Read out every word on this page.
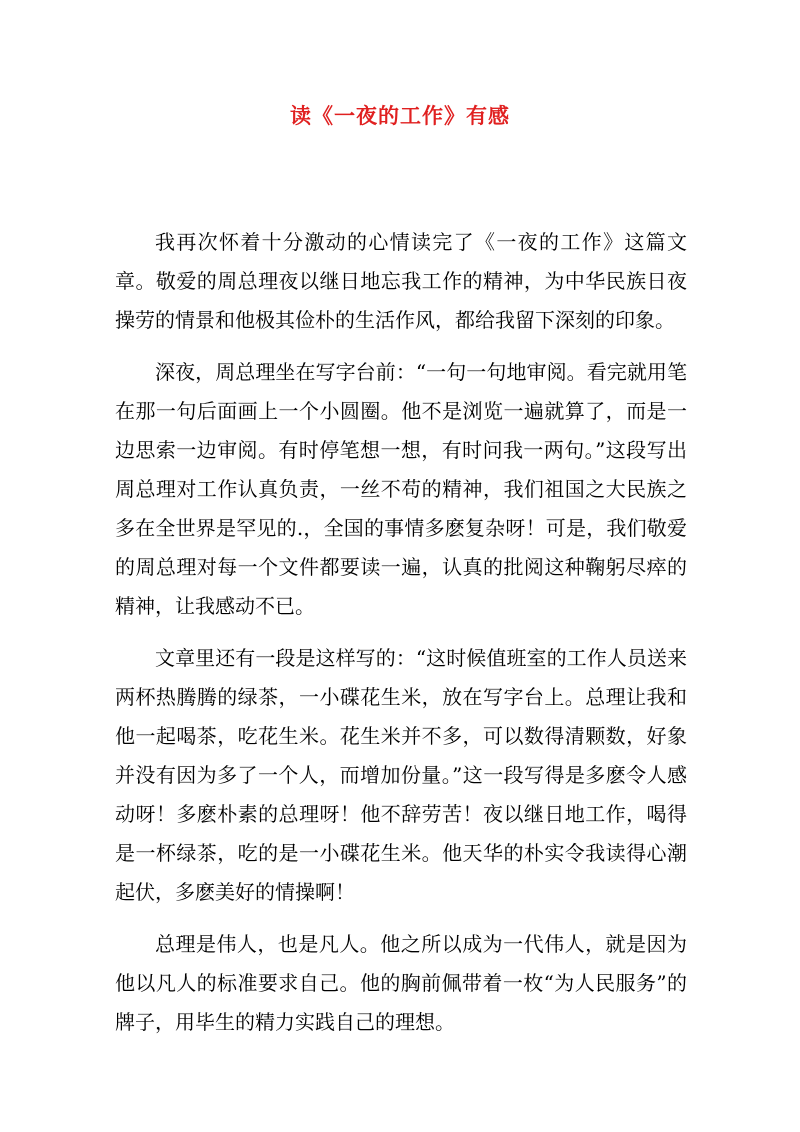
读《一夜的工作》有感

我再次怀着十分激动的心情读完了《一夜的工作》这篇文章。敬爱的周总理夜以继日地忘我工作的精神，为中华民族日夜操劳的情景和他极其俭朴的生活作风，都给我留下深刻的印象。

深夜，周总理坐在写字台前：“一句一句地审阅。看完就用笔在那一句后面画上一个小圆圈。他不是浏览一遍就算了，而是一边思索一边审阅。有时停笔想一想，有时问我一两句。”这段写出周总理对工作认真负责，一丝不苟的精神，我们祖国之大民族之多在全世界是罕见的.，全国的事情多麽复杂呀！可是，我们敬爱的周总理对每一个文件都要读一遍，认真的批阅这种鞠躬尽瘁的精神，让我感动不已。

文章里还有一段是这样写的：“这时候值班室的工作人员送来两杯热腾腾的绿茶，一小碟花生米，放在写字台上。总理让我和他一起喝茶，吃花生米。花生米并不多，可以数得清颗数，好象并没有因为多了一个人，而增加份量。”这一段写得是多麽令人感动呀！多麽朴素的总理呀！他不辞劳苦！夜以继日地工作，喝得是一杯绿茶，吃的是一小碟花生米。他天华的朴实令我读得心潮起伏，多麽美好的情操啊！

总理是伟人，也是凡人。他之所以成为一代伟人，就是因为他以凡人的标准要求自己。他的胸前佩带着一枚“为人民服务”的牌子，用毕生的精力实践自己的理想。
